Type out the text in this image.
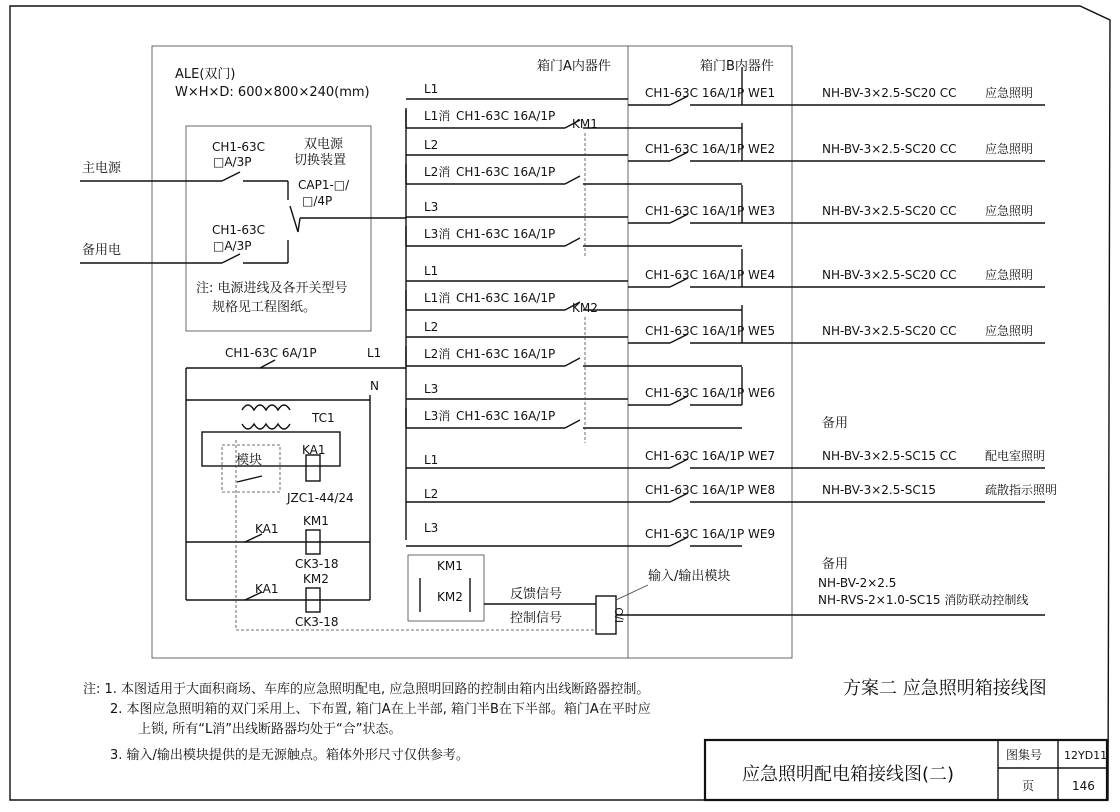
ALE(双门)
W×H×D: 600×800×240(mm)
箱门A内器件	箱门B内器件
主电源
备用电
CH1-63C
□A/3P
CH1-63C
□A/3P
双电源
切换装置
CAP1-□/
□/4P
注: 电源进线及各开关型号
规格见工程图纸。
L1
L1消 CH1-63C 16A/1P
L2
L2消 CH1-63C 16A/1P
L3
L3消 CH1-63C 16A/1P
L1
L1消 CH1-63C 16A/1P
L2
L2消 CH1-63C 16A/1P
L3
L3消 CH1-63C 16A/1P
KM1
KM2
CH1-63C 16A/1P WE1	NH-BV-3×2.5-SC20 CC 应急照明
CH1-63C 16A/1P WE2	NH-BV-3×2.5-SC20 CC 应急照明
CH1-63C 16A/1P WE3	NH-BV-3×2.5-SC20 CC 应急照明
CH1-63C 16A/1P WE4	NH-BV-3×2.5-SC20 CC 应急照明
CH1-63C 16A/1P WE5	NH-BV-3×2.5-SC20 CC 应急照明
CH1-63C 16A/1P WE6
备用
CH1-63C 16A/1P WE7	NH-BV-3×2.5-SC15 CC 配电室照明
CH1-63C 16A/1P WE8	NH-BV-3×2.5-SC15	疏散指示照明
CH1-63C 16A/1P WE9
备用
L1
L2
L3
CH1-63C 6A/1P	L1
N
TC1
模块
KA1
JZC1-44/24
KA1
KM1
CK3-18
KA1
KM2
CK3-18
KM1
KM2	反馈信号
控制信号	I/O
输入/输出模块	NH-BV-2×2.5
NH-RVS-2×1.0-SC15 消防联动控制线
方案二 应急照明箱接线图
注: 1. 本图适用于大面积商场、车库的应急照明配电, 应急照明回路的控制由箱内出线断路器控制。
2. 本图应急照明箱的双门采用上、下布置, 箱门A在上半部, 箱门半B在下半部。箱门A在平时应
上锁, 所有“L消”出线断路器均处于“合”状态。
3. 输入/输出模块提供的是无源触点。箱体外形尺寸仅供参考。
应急照明配电箱接线图(二)
图集号 12YD11
页	146
